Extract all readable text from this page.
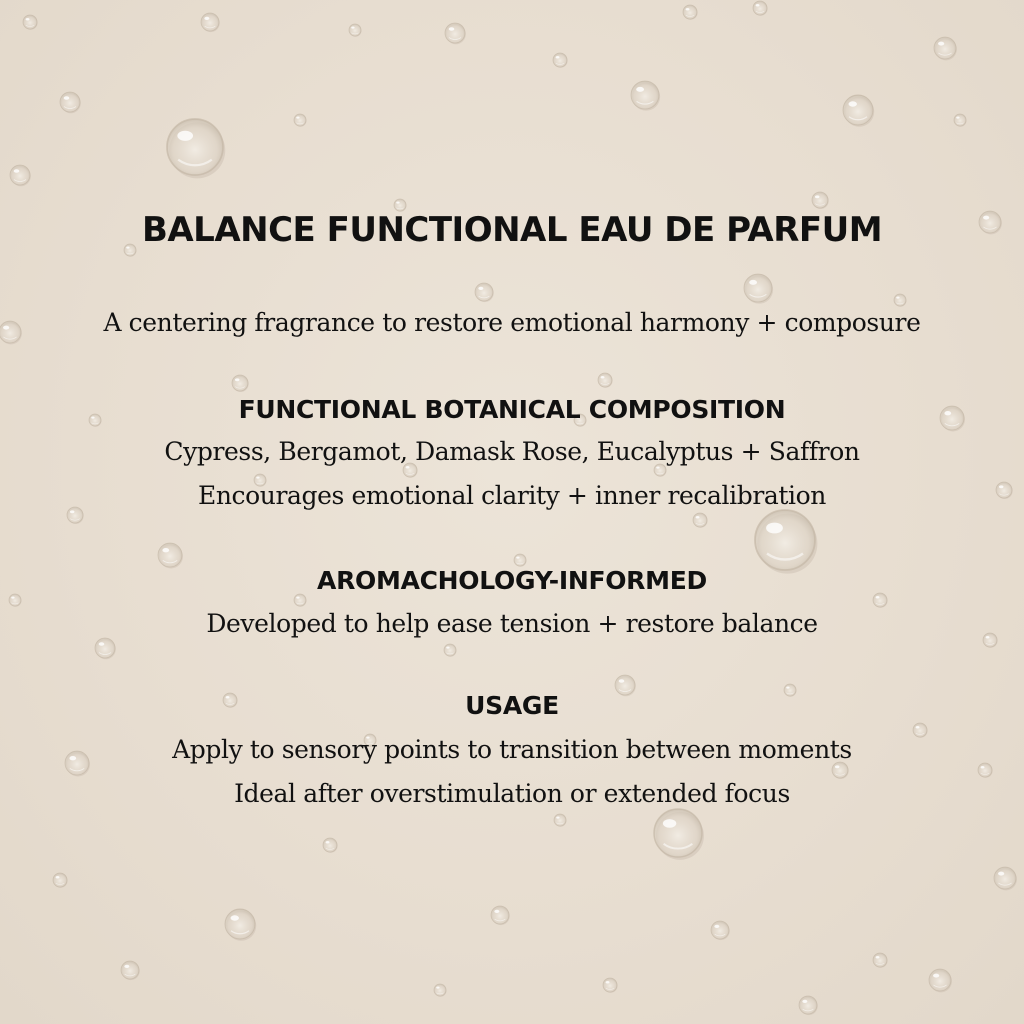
BALANCE FUNCTIONAL EAU DE PARFUM
A centering fragrance to restore emotional harmony + composure
FUNCTIONAL BOTANICAL COMPOSITION
Cypress, Bergamot, Damask Rose, Eucalyptus + Saffron
Encourages emotional clarity + inner recalibration
AROMACHOLOGY-INFORMED
Developed to help ease tension + restore balance
USAGE
Apply to sensory points to transition between moments
Ideal after overstimulation or extended focus
